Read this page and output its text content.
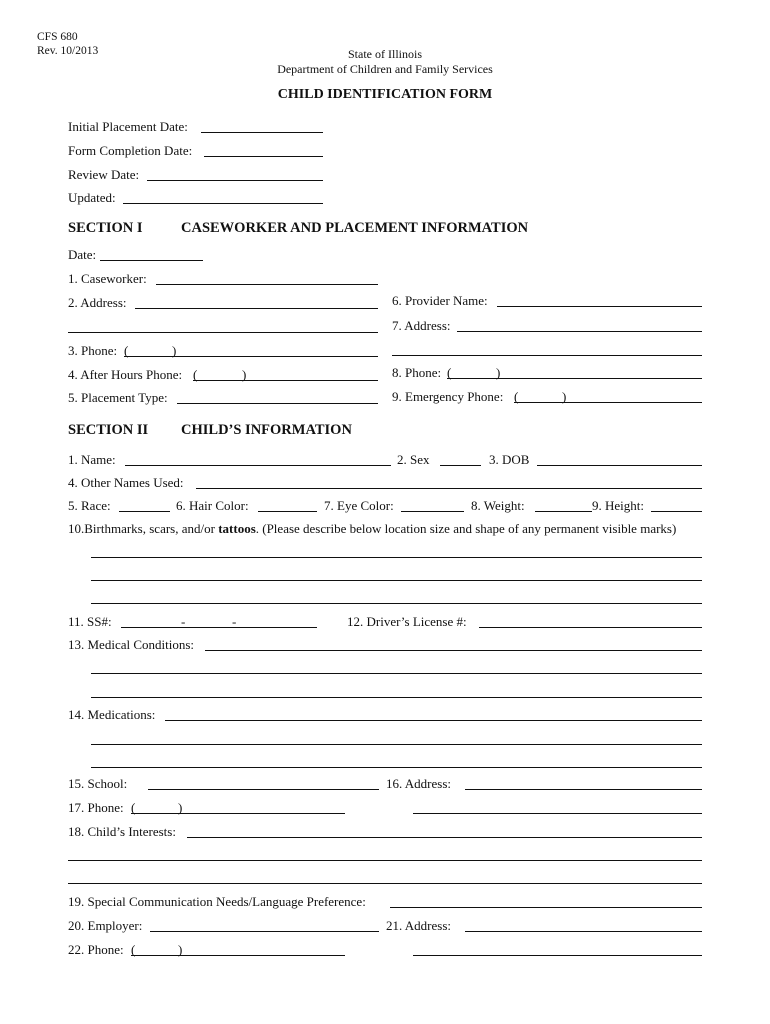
CFS 680
Rev. 10/2013	State of Illinois
Department of Children and Family Services
CHILD IDENTIFICATION FORM
Initial Placement Date:
Form Completion Date:
Review Date:
Updated:
SECTION I	CASEWORKER AND PLACEMENT INFORMATION
Date:
1. Caseworker:
2. Address:
3. Phone: (	)
4. After Hours Phone: (	)
5. Placement Type:
6. Provider Name:
7. Address:
8. Phone: (	)
9. Emergency Phone: (	)
SECTION II CHILD’S INFORMATION
1. Name:	2. Sex	3. DOB
4. Other Names Used:
5. Race:	6. Hair Color:	7. Eye Color:	8. Weight:	9. Height:
10.Birthmarks, scars, and/or tattoos. (Please describe below location size and shape of any permanent visible marks)
11. SS#:	-	-	12. Driver’s License #:
13. Medical Conditions:
14. Medications:
15. School:	16. Address:
17. Phone: (	)
18. Child’s Interests:
19. Special Communication Needs/Language Preference:
20. Employer:	21. Address:
22. Phone: (	)
